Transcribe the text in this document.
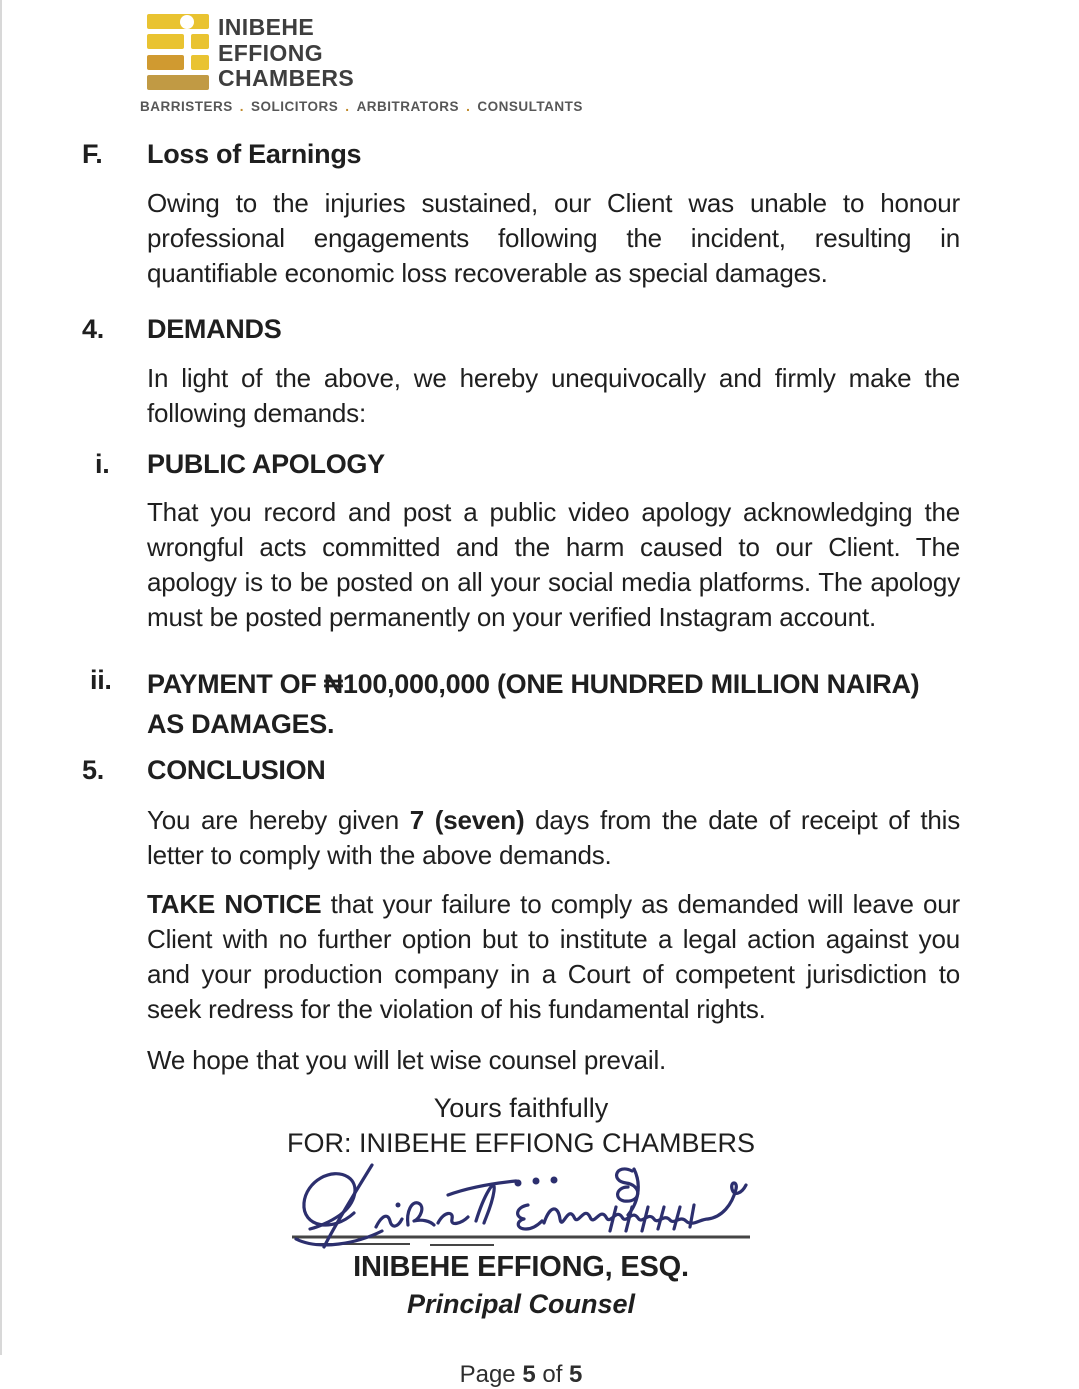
INIBEHE
EFFIONG
CHAMBERS
BARRISTERS . SOLICITORS . ARBITRATORS . CONSULTANTS
F.	Loss of Earnings

Owing to the injuries sustained, our Client was unable to honour professional engagements following the incident, resulting in quantifiable economic loss recoverable as special damages.

4.	DEMANDS

In light of the above, we hereby unequivocally and firmly make the following demands:

i.	PUBLIC APOLOGY

That you record and post a public video apology acknowledging the wrongful acts committed and the harm caused to our Client. The apology is to be posted on all your social media platforms. The apology must be posted permanently on your verified Instagram account.

ii.	PAYMENT OF ₦100,000,000 (ONE HUNDRED MILLION NAIRA)
AS DAMAGES.
5.	CONCLUSION

You are hereby given 7 (seven) days from the date of receipt of this letter to comply with the above demands.

TAKE NOTICE that your failure to comply as demanded will leave our Client with no further option but to institute a legal action against you and your production company in a Court of competent jurisdiction to seek redress for the violation of his fundamental rights.

We hope that you will let wise counsel prevail.

Yours faithfully
FOR: INIBEHE EFFIONG CHAMBERS
INIBEHE EFFIONG, ESQ.
Principal Counsel

Page 5 of 5
